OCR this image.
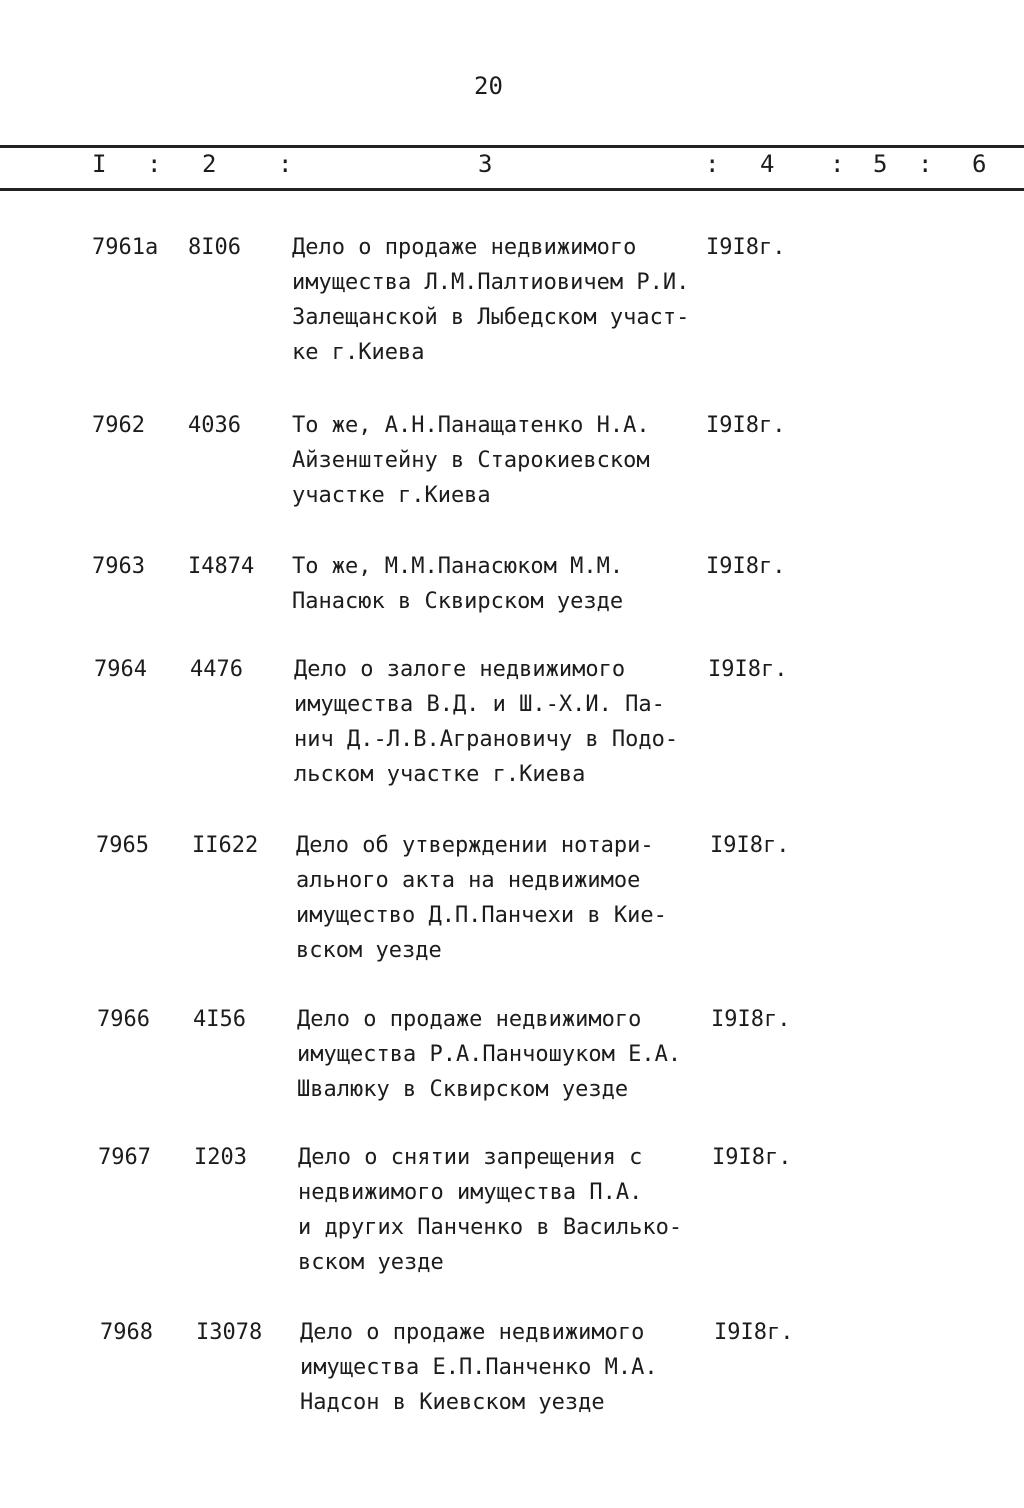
20
I : 2	:	3	: 4 : 5 : 6
7961а 8I06 Дело о продаже недвижимого
имущества Л.М.Палтиовичем Р.И.
Залещанской в Лыбедском участ-
ке г.Киева
I9I8г.
7962 4036 То же, А.Н.Панащатенко Н.А.
Айзенштейну в Старокиевском
участке г.Киева
I9I8г.
7963 I4874 То же, М.М.Панасюком М.М.
Панасюк в Сквирском уезде
I9I8г.
7964 4476 Дело о залоге недвижимого
имущества В.Д. и Ш.-Х.И. Па-
нич Д.-Л.В.Аграновичу в Подо-
льском участке г.Киева
I9I8г.
7965 II622 Дело об утверждении нотари-
ального акта на недвижимое
имущество Д.П.Панчехи в Кие-
вском уезде
I9I8г.
7966 4I56 Дело о продаже недвижимого
имущества Р.А.Панчошуком Е.А.
Швалюку в Сквирском уезде
I9I8г.
7967 I203 Дело о снятии запрещения с
недвижимого имущества П.А.
и других Панченко в Василько-
вском уезде
I9I8г.
7968 I3078 Дело о продаже недвижимого
имущества Е.П.Панченко М.А.
Надсон в Киевском уезде
I9I8г.
